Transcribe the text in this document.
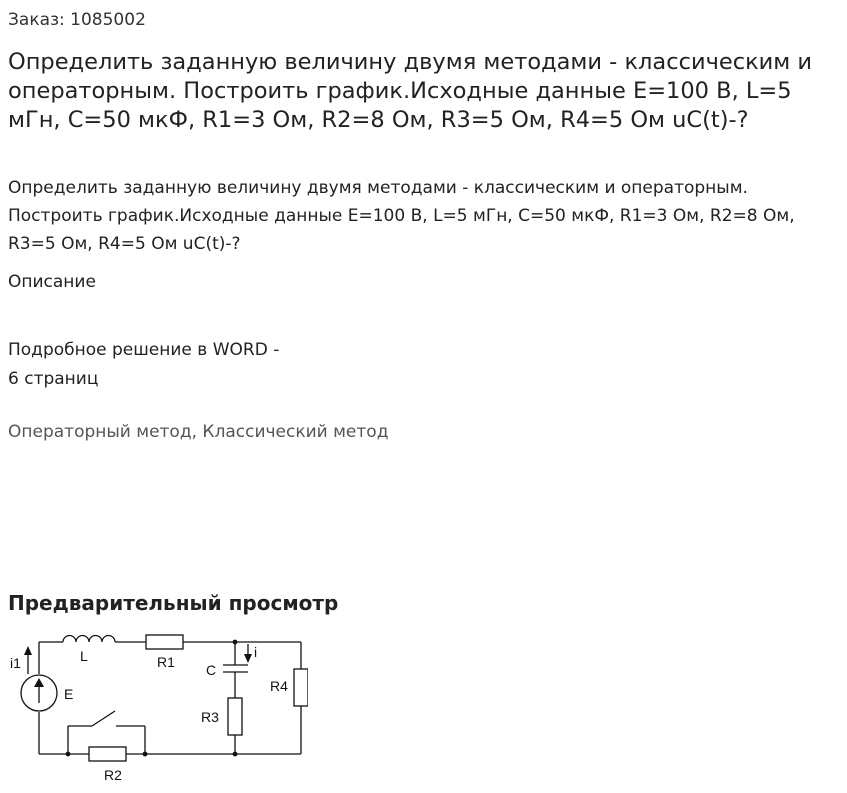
Заказ: 1085002
Определить заданную величину двумя методами - классическим и операторным. Построить график.Исходные данные E=100 В, L=5 мГн, C=50 мкФ, R1=3 Ом, R2=8 Ом, R3=5 Ом, R4=5 Ом uC(t)-?

Определить заданную величину двумя методами - классическим и операторным. Построить график.Исходные данные E=100 В, L=5 мГн, C=50 мкФ, R1=3 Ом, R2=8 Ом, R3=5 Ом, R4=5 Ом uC(t)-?

Описание
Подробное решение в WORD -
6 страниц
Операторный метод, Классический метод
Предварительный просмотр
i1	L	R1 C
i
E	R4
R3
R2
